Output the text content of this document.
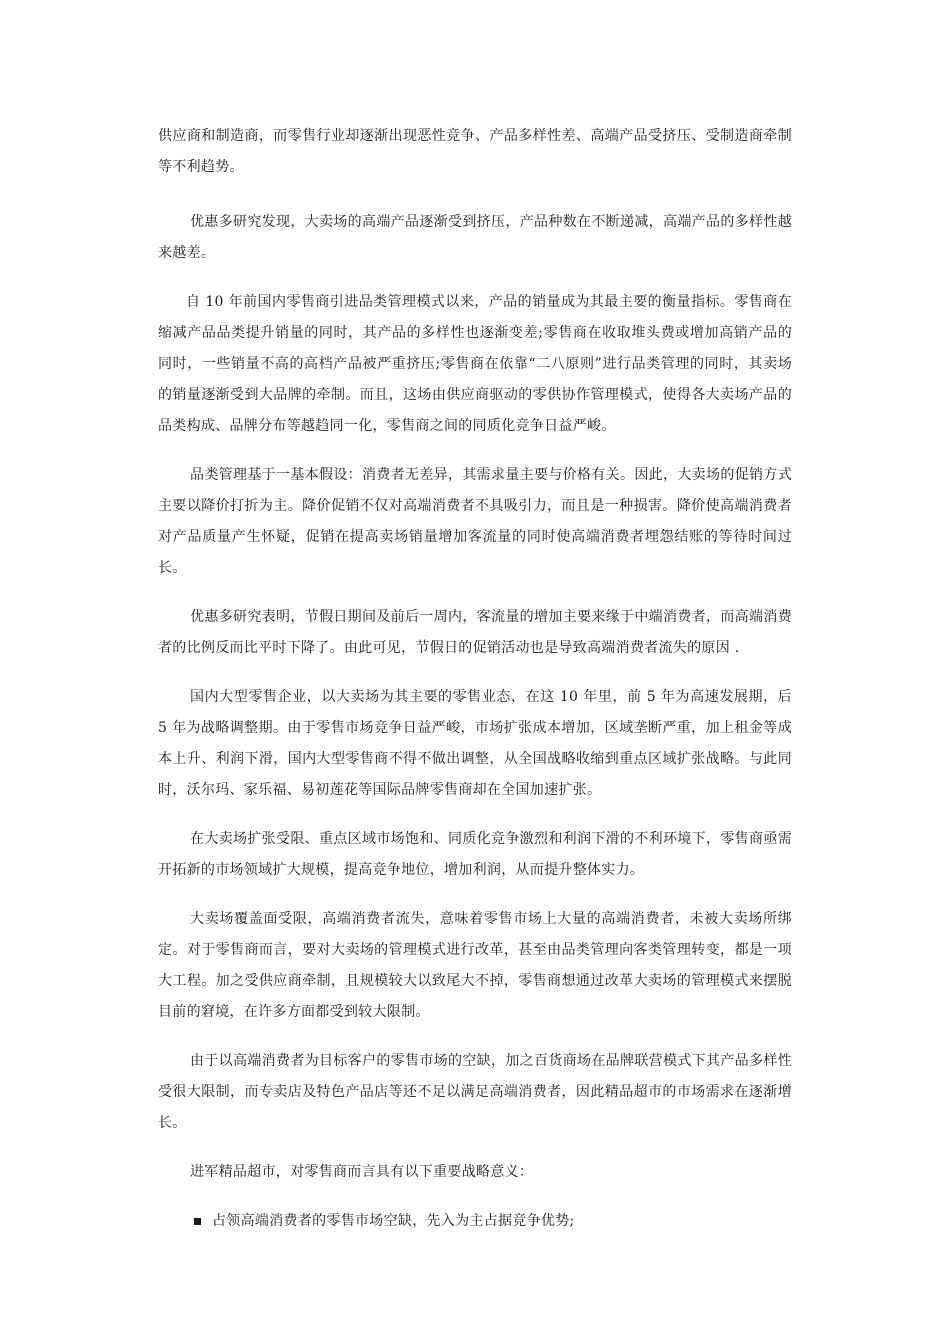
供应商和制造商，而零售行业却逐渐出现恶性竞争、产品多样性差、高端产品受挤压、受制造商牵制等不利趋势。

优惠多研究发现，大卖场的高端产品逐渐受到挤压，产品种数在不断递减，高端产品的多样性越来越差。

自 10 年前国内零售商引进品类管理模式以来，产品的销量成为其最主要的衡量指标。零售商在缩减产品品类提升销量的同时，其产品的多样性也逐渐变差;零售商在收取堆头费或增加高销产品的同时，一些销量不高的高档产品被严重挤压;零售商在依靠“二八原则”进行品类管理的同时，其卖场的销量逐渐受到大品牌的牵制。而且，这场由供应商驱动的零供协作管理模式，使得各大卖场产品的品类构成、品牌分布等越趋同一化，零售商之间的同质化竞争日益严峻。

品类管理基于一基本假设：消费者无差异，其需求量主要与价格有关。因此，大卖场的促销方式主要以降价打折为主。降价促销不仅对高端消费者不具吸引力，而且是一种损害。降价使高端消费者对产品质量产生怀疑，促销在提高卖场销量增加客流量的同时使高端消费者埋怨结账的等待时间过长。

优惠多研究表明，节假日期间及前后一周内，客流量的增加主要来缘于中端消费者，而高端消费者的比例反而比平时下降了。由此可见，节假日的促销活动也是导致高端消费者流失的原因 .

国内大型零售企业，以大卖场为其主要的零售业态，在这 10 年里，前 5 年为高速发展期，后 5 年为战略调整期。由于零售市场竞争日益严峻，市场扩张成本增加，区域垄断严重，加上租金等成本上升、利润下滑，国内大型零售商不得不做出调整，从全国战略收缩到重点区域扩张战略。与此同时，沃尔玛、家乐福、易初莲花等国际品牌零售商却在全国加速扩张。

在大卖场扩张受限、重点区域市场饱和、同质化竞争激烈和利润下滑的不利环境下，零售商亟需开拓新的市场领域扩大规模，提高竞争地位，增加利润，从而提升整体实力。

大卖场覆盖面受限，高端消费者流失，意味着零售市场上大量的高端消费者，未被大卖场所绑定。对于零售商而言，要对大卖场的管理模式进行改革，甚至由品类管理向客类管理转变，都是一项大工程。加之受供应商牵制，且规模较大以致尾大不掉，零售商想通过改革大卖场的管理模式来摆脱目前的窘境，在许多方面都受到较大限制。

由于以高端消费者为目标客户的零售市场的空缺，加之百货商场在品牌联营模式下其产品多样性受很大限制，而专卖店及特色产品店等还不足以满足高端消费者，因此精品超市的市场需求在逐渐增长。

进军精品超市，对零售商而言具有以下重要战略意义：

占领高端消费者的零售市场空缺，先入为主占据竞争优势;
